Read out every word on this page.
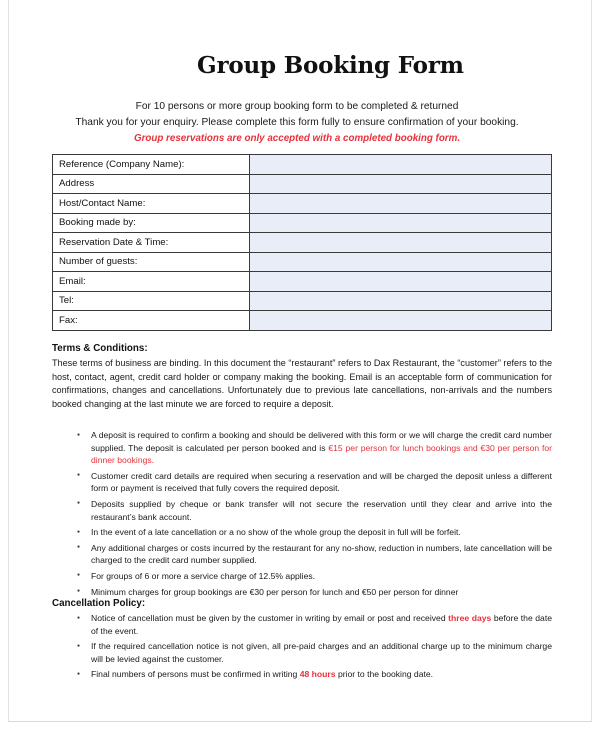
Group Booking Form
For 10 persons or more group booking form to be completed & returned
Thank you for your enquiry. Please complete this form fully to ensure confirmation of your booking.
Group reservations are only accepted with a completed booking form.
Reference (Company Name):	
Address	
Host/Contact Name:	
Booking made by:	
Reservation Date & Time:	
Number of guests:	
Email:	
Tel:	
Fax:	
Terms & Conditions:

These terms of business are binding. In this document the “restaurant” refers to Dax Restaurant, the “customer” refers to the host, contact, agent, credit card holder or company making the booking. Email is an acceptable form of communication for confirmations, changes and cancellations. Unfortunately due to previous late cancellations, non-arrivals and the numbers booked changing at the last minute we are forced to require a deposit.

● A deposit is required to confirm a booking and should be delivered with this form or we will charge the credit card number supplied. The deposit is calculated per person booked and is €15 per person for lunch bookings and €30 per person for dinner bookings.
● Customer credit card details are required when securing a reservation and will be charged the deposit unless a different form or payment is received that fully covers the required deposit.
● Deposits supplied by cheque or bank transfer will not secure the reservation until they clear and arrive into the restaurant’s bank account.
● In the event of a late cancellation or a no show of the whole group the deposit in full will be forfeit.
● Any additional charges or costs incurred by the restaurant for any no-show, reduction in numbers, late cancellation will be charged to the credit card number supplied.
● For groups of 6 or more a service charge of 12.5% applies.
● Minimum charges for group bookings are €30 per person for lunch and €50 per person for dinner
Cancellation Policy:
● Notice of cancellation must be given by the customer in writing by email or post and received three days before the date of the event.
● If the required cancellation notice is not given, all pre-paid charges and an additional charge up to the minimum charge will be levied against the customer.
● Final numbers of persons must be confirmed in writing 48 hours prior to the booking date.
